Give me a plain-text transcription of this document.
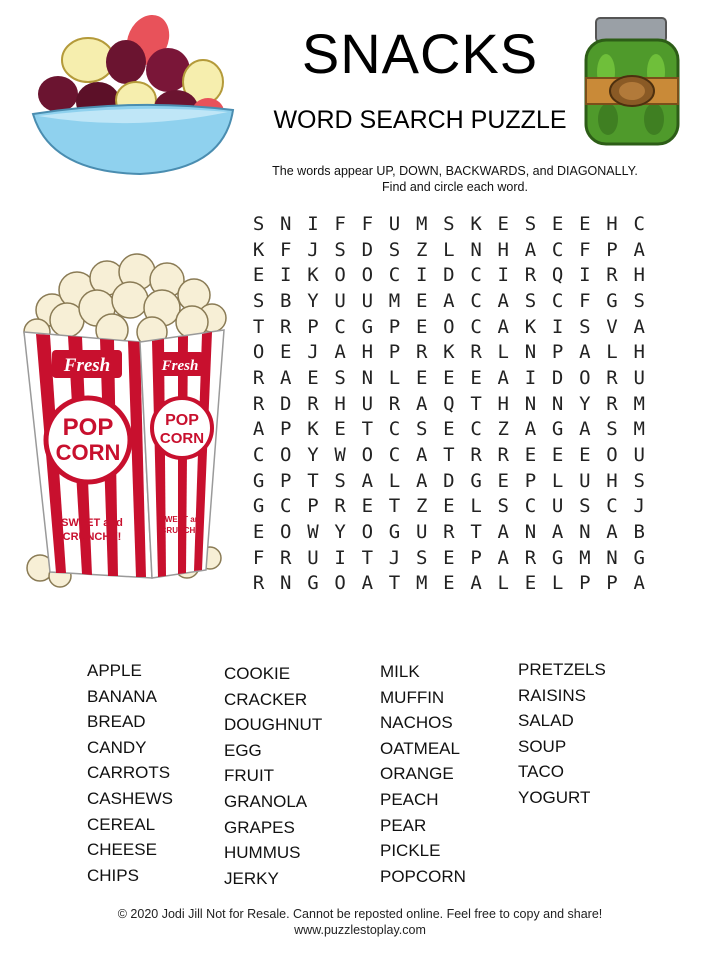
Fresh	Fresh
POP
CORN
POP
CORN
SWEET and
CRUNCHY!
SWEET and
CRUNCHY!
SNACKS
WORD SEARCH PUZZLE
The words appear UP, DOWN, BACKWARDS, and DIAGONALLY.
Find and circle each word.
S N I F F U M S K E S E E H C
K F J S D S Z L N H A C F P A
E I K O O C I D C I R Q I R H
S B Y U U M E A C A S C F G S
T R P C G P E O C A K I S V A
O E J A H P R K R L N P A L H
R A E S N L E E E A I D O R U
R D R H U R A Q T H N N Y R M
A P K E T C S E C Z A G A S M
C O Y W O C A T R R E E E O U
G P T S A L A D G E P L U H S
G C P R E T Z E L S C U S C J
E O W Y O G U R T A N A N A B
F R U I T J S E P A R G M N G
R N G O A T M E A L E L P P A
APPLE
BANANA
BREAD
CANDY
CARROTS
CASHEWS
CEREAL
CHEESE
CHIPS
COOKIE
CRACKER
DOUGHNUT
EGG
FRUIT
GRANOLA
GRAPES
HUMMUS
JERKY
MILK
MUFFIN
NACHOS
OATMEAL
ORANGE
PEACH
PEAR
PICKLE
POPCORN
PRETZELS
RAISINS
SALAD
SOUP
TACO
YOGURT
© 2020 Jodi Jill Not for Resale. Cannot be reposted online. Feel free to copy and share!
www.puzzlestoplay.com
